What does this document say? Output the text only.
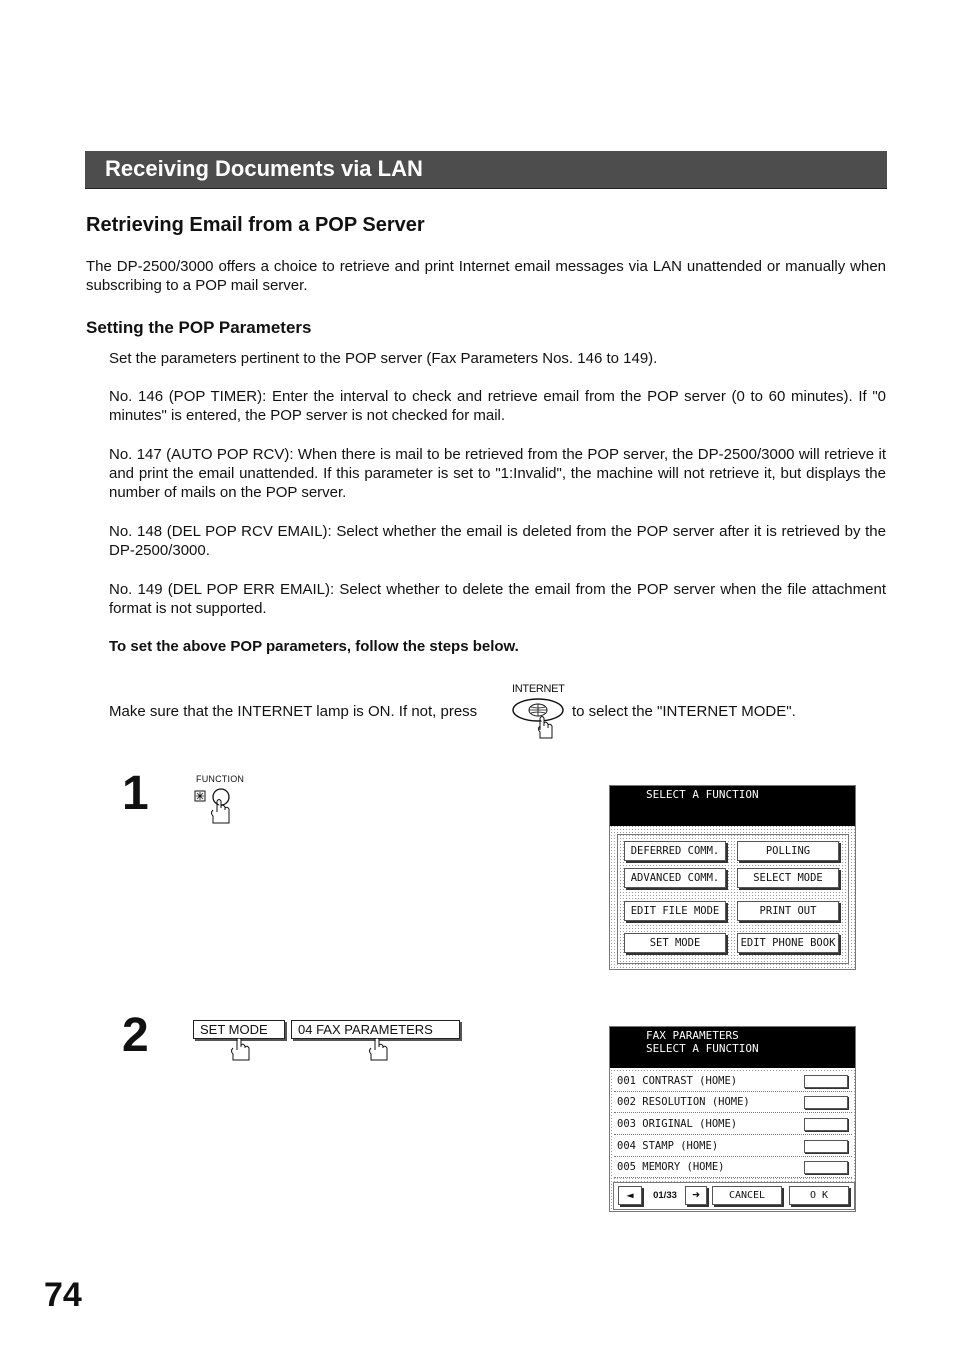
Receiving Documents via LAN
Retrieving Email from a POP Server
The DP-2500/3000 offers a choice to retrieve and print Internet email messages via LAN unattended or manually when subscribing to a POP mail server.
Setting the POP Parameters
Set the parameters pertinent to the POP server (Fax Parameters Nos. 146 to 149).
No. 146 (POP TIMER): Enter the interval to check and retrieve email from the POP server (0 to 60 minutes). If "0 minutes" is entered, the POP server is not checked for mail.
No. 147 (AUTO POP RCV): When there is mail to be retrieved from the POP server, the DP-2500/3000 will retrieve it and print the email unattended. If this parameter is set to "1:Invalid", the machine will not retrieve it, but displays the number of mails on the POP server.
No. 148 (DEL POP RCV EMAIL): Select whether the email is deleted from the POP server after it is retrieved by the DP-2500/3000.
No. 149 (DEL POP ERR EMAIL): Select whether to delete the email from the POP server when the file attachment format is not supported.
To set the above POP parameters, follow the steps below.
Make sure that the INTERNET lamp is ON. If not, press
INTERNET
to select the "INTERNET MODE".
1	FUNCTION
SELECT A FUNCTION
DEFERRED COMM.	POLLING
ADVANCED COMM.	SELECT MODE
EDIT FILE MODE	PRINT OUT
SET MODE	EDIT PHONE BOOK
2	SET MODE	04 FAX PARAMETERS	FAX PARAMETERS
SELECT A FUNCTION
001 CONTRAST (HOME)
002 RESOLUTION (HOME)
003 ORIGINAL (HOME)
004 STAMP (HOME)
005 MEMORY (HOME)
◄	01/33	➜	CANCEL	O K
74
